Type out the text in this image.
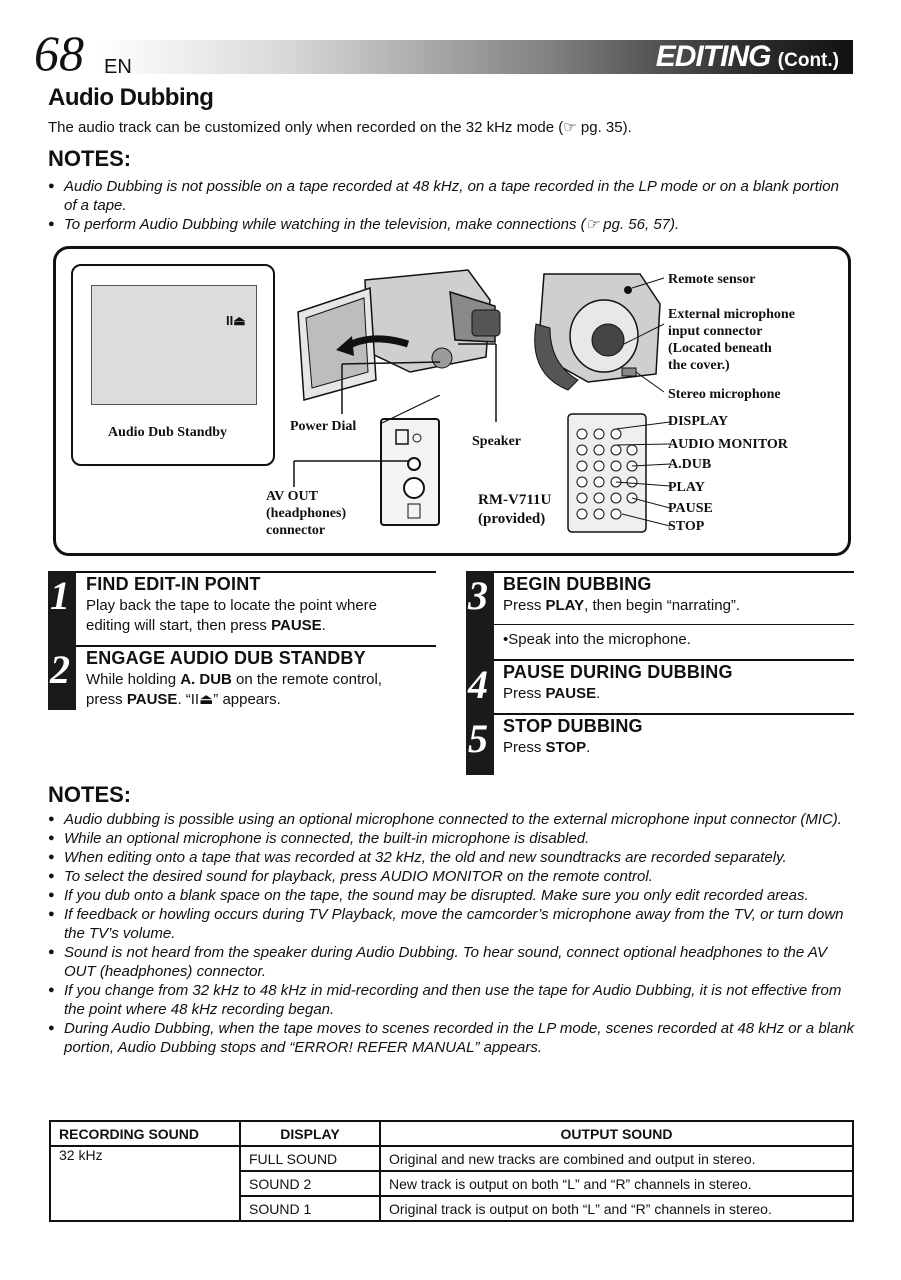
68 EN	EDITING (Cont.)
Audio Dubbing
The audio track can be customized only when recorded on the 32 kHz mode (☞ pg. 35).
NOTES:
● Audio Dubbing is not possible on a tape recorded at 48 kHz, on a tape recorded in the LP mode or on a blank portion of a tape.
● To perform Audio Dubbing while watching in the television, make connections (☞ pg. 56, 57).
II⏏
Audio Dub Standby	Power Dial
Speaker
AV OUT
(headphones)
connector
Remote sensor
External microphone
input connector
(Located beneath
the cover.)
Stereo microphone
DISPLAY
AUDIO MONITOR
A.DUB
PLAY
PAUSE
STOP
RM-V711U
(provided)
1
2
FIND EDIT-IN POINT
Play back the tape to locate the point where
editing will start, then press PAUSE.
ENGAGE AUDIO DUB STANDBY
While holding A. DUB on the remote control,
press PAUSE. “II⏏” appears.
3
4
5
BEGIN DUBBING
Press PLAY, then begin “narrating”.
•Speak into the microphone.
PAUSE DURING DUBBING
Press PAUSE.
STOP DUBBING
Press STOP.
NOTES:
● Audio dubbing is possible using an optional microphone connected to the external microphone input connector (MIC).
● While an optional microphone is connected, the built-in microphone is disabled.
● When editing onto a tape that was recorded at 32 kHz, the old and new soundtracks are recorded separately.
● To select the desired sound for playback, press AUDIO MONITOR on the remote control.
● If you dub onto a blank space on the tape, the sound may be disrupted. Make sure you only edit recorded areas.
● If feedback or howling occurs during TV Playback, move the camcorder’s microphone away from the TV, or turn down the TV’s volume.
● Sound is not heard from the speaker during Audio Dubbing. To hear sound, connect optional headphones to the AV OUT (headphones) connector.
● If you change from 32 kHz to 48 kHz in mid-recording and then use the tape for Audio Dubbing, it is not effective from the point where 48 kHz recording began.
● During Audio Dubbing, when the tape moves to scenes recorded in the LP mode, scenes recorded at 48 kHz or a blank portion, Audio Dubbing stops and “ERROR! REFER MANUAL” appears.
RECORDING SOUND	DISPLAY	OUTPUT SOUND
32 kHz	FULL SOUND	Original and new tracks are combined and output in stereo.
	SOUND 2	New track is output on both “L” and “R” channels in stereo.
	SOUND 1	Original track is output on both “L” and “R” channels in stereo.
